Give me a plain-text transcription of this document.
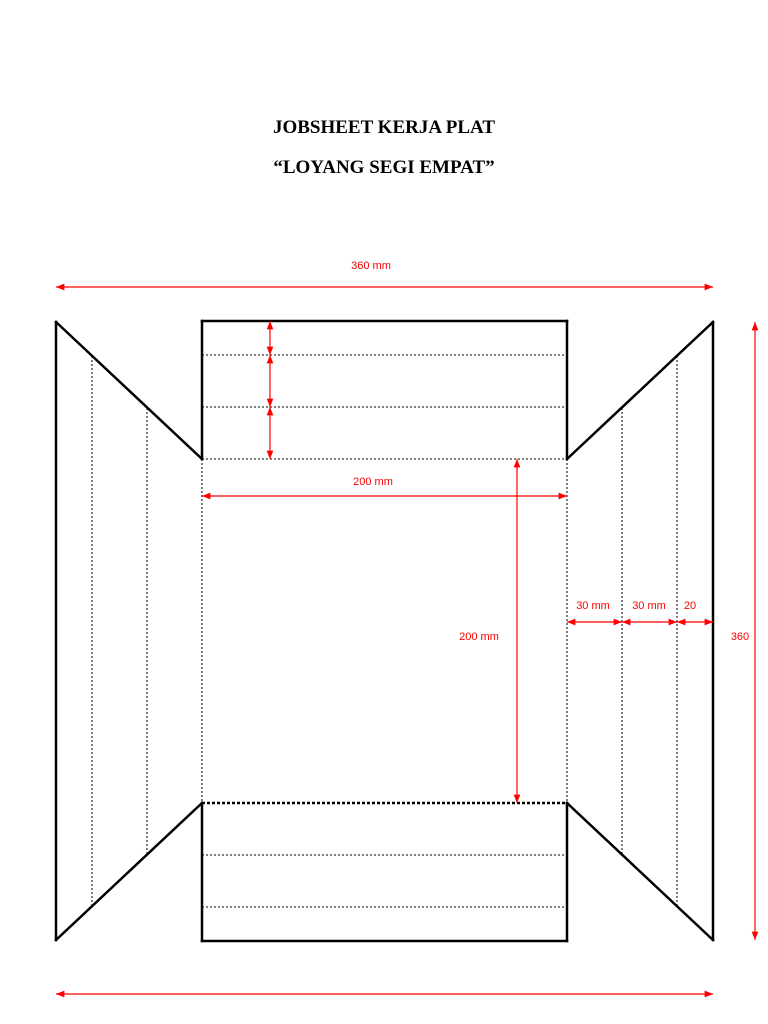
JOBSHEET KERJA PLAT
“LOYANG SEGI EMPAT”
360 mm
200 mm
200 mm
30 mm 30 mm 20
360
